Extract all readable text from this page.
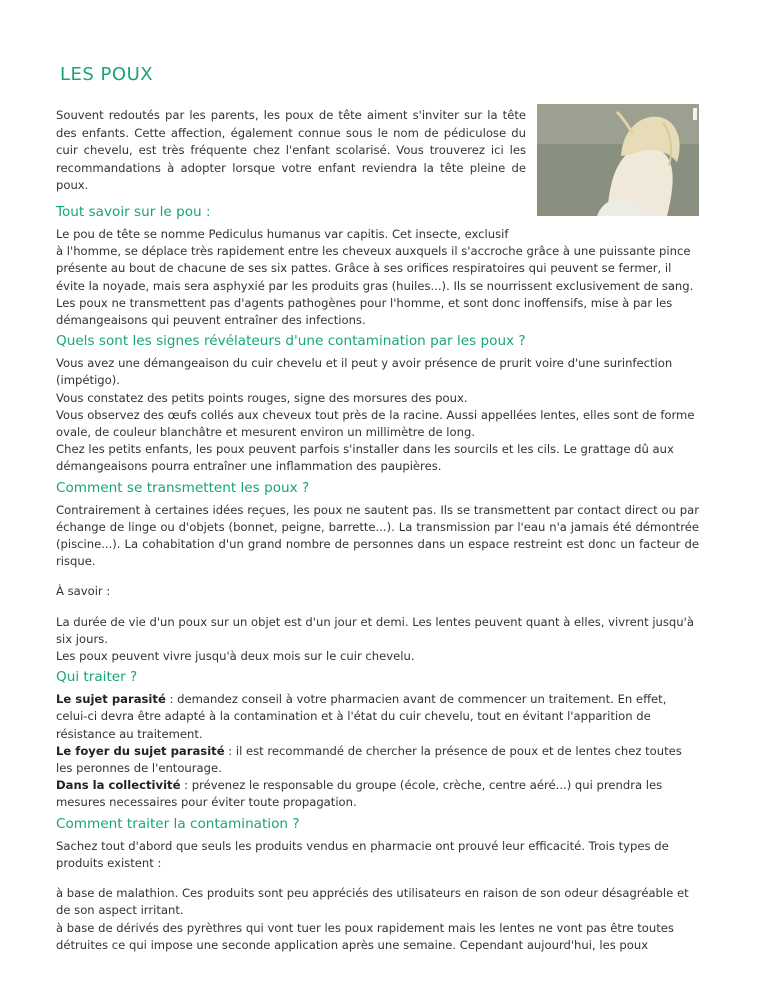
LES POUX

Souvent redoutés par les parents, les poux de tête aiment s'inviter sur la tête des enfants. Cette affection, également connue sous le nom de pédiculose du cuir chevelu, est très fréquente chez l'enfant scolarisé. Vous trouverez ici les recommandations à adopter lorsque votre enfant reviendra la tête pleine de poux.

Tout savoir sur le pou :

Le pou de tête se nomme Pediculus humanus var capitis. Cet insecte, exclusif

à l'homme, se déplace très rapidement entre les cheveux auxquels il s'accroche grâce à une puissante pince présente au bout de chacune de ses six pattes. Grâce à ses orifices respiratoires qui peuvent se fermer, il évite la noyade, mais sera asphyxié par les produits gras (huiles...). Ils se nourrissent exclusivement de sang.

Les poux ne transmettent pas d'agents pathogènes pour l'homme, et sont donc inoffensifs, mise à par les démangeaisons qui peuvent entraîner des infections.

Quels sont les signes révélateurs d'une contamination par les poux ?

Vous avez une démangeaison du cuir chevelu et il peut y avoir présence de prurit voire d'une surinfection (impétigo).

Vous constatez des petits points rouges, signe des morsures des poux.

Vous observez des œufs collés aux cheveux tout près de la racine. Aussi appellées lentes, elles sont de forme ovale, de couleur blanchâtre et mesurent environ un millimètre de long.

Chez les petits enfants, les poux peuvent parfois s'installer dans les sourcils et les cils. Le grattage dû aux démangeaisons pourra entraîner une inflammation des paupières.

Comment se transmettent les poux ?

Contrairement à certaines idées reçues, les poux ne sautent pas. Ils se transmettent par contact direct ou par échange de linge ou d'objets (bonnet, peigne, barrette...). La transmission par l'eau n'a jamais été démontrée (piscine...). La cohabitation d'un grand nombre de personnes dans un espace restreint est donc un facteur de risque.

À savoir :

La durée de vie d'un poux sur un objet est d'un jour et demi. Les lentes peuvent quant à elles, vivrent jusqu'à six jours.

Les poux peuvent vivre jusqu'à deux mois sur le cuir chevelu.

Qui traiter ?

Le sujet parasité : demandez conseil à votre pharmacien avant de commencer un traitement. En effet, celui-ci devra être adapté à la contamination et à l'état du cuir chevelu, tout en évitant l'apparition de résistance au traitement.

Le foyer du sujet parasité : il est recommandé de chercher la présence de poux et de lentes chez toutes les peronnes de l'entourage.

Dans la collectivité : prévenez le responsable du groupe (école, crèche, centre aéré...) qui prendra les mesures necessaires pour éviter toute propagation.

Comment traiter la contamination ?

Sachez tout d'abord que seuls les produits vendus en pharmacie ont prouvé leur efficacité. Trois types de produits existent :

à base de malathion. Ces produits sont peu appréciés des utilisateurs en raison de son odeur désagréable et de son aspect irritant.

à base de dérivés des pyrèthres qui vont tuer les poux rapidement mais les lentes ne vont pas être toutes détruites ce qui impose une seconde application après une semaine. Cependant aujourd'hui, les poux
